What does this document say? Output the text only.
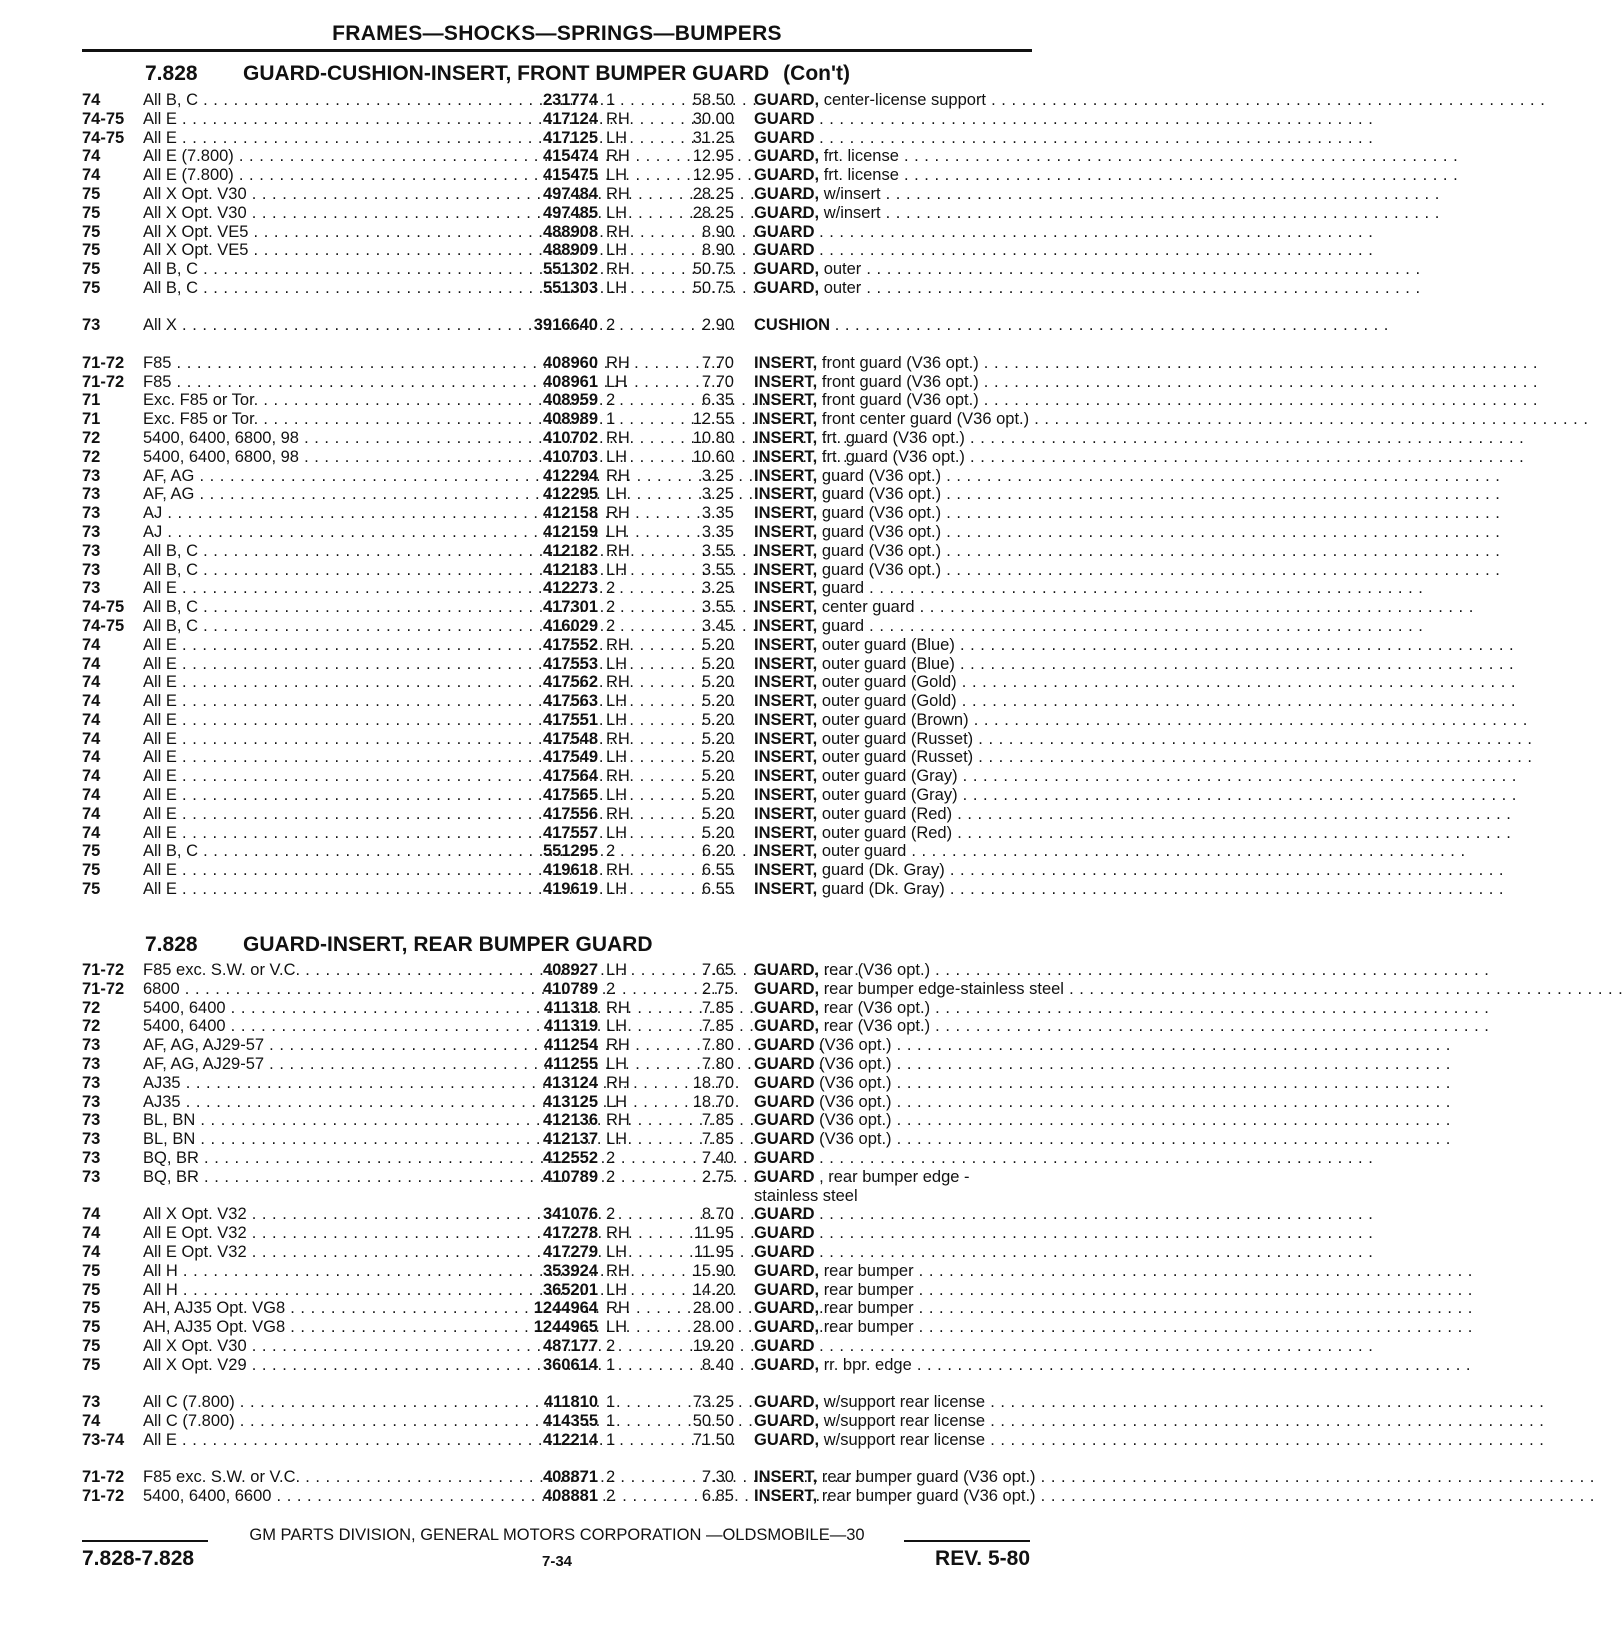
FRAMES—SHOCKS—SPRINGS—BUMPERS
7.828 GUARD-CUSHION-INSERT, FRONT BUMPER GUARD (Con't)
74	All B, C . . .	231774 1	58.50 GUARD, center-license support . . .
74-75	All E . . .	417124 RH	30.00 GUARD . . .
74-75	All E . . .	417125 LH	31.25 GUARD . . .
74	All E (7.800) . . .	415474 RH	12.95 GUARD, frt. license . . .
74	All E (7.800) . . .	415475 LH	12.95 GUARD, frt. license . . .
75	All X Opt. V30 . . .	497484 RH	28.25 GUARD, w/insert . . .
75	All X Opt. V30 . . .	497485 LH	28.25 GUARD, w/insert . . .
75	All X Opt. VE5 . . .	488908 RH	8.90 GUARD . . .
75	All X Opt. VE5 . . .	488909 LH	8.90 GUARD . . .
75	All B, C . . .	551302 RH	50.75 GUARD, outer . . .
75	All B, C . . .	551303 LH	50.75 GUARD, outer . . .
73	All X . . .	3916640 2	2.90 CUSHION . . .
71-72	F85 . . .	408960 RH	7.70 INSERT, front guard (V36 opt.) . . .
71-72	F85 . . .	408961 LH	7.70 INSERT, front guard (V36 opt.) . . .
71	Exc. F85 or Tor. . . .	408959 2	6.35 INSERT, front guard (V36 opt.) . . .
71	Exc. F85 or Tor. . . .	408989 1	12.55 INSERT, front center guard (V36 opt.) . . .
72	5400, 6400, 6800, 98 . . .	410702 RH	10.80 INSERT, frt. guard (V36 opt.) . . .
72	5400, 6400, 6800, 98 . . .	410703 LH	10.60 INSERT, frt. guard (V36 opt.) . . .
73	AF, AG . . .	412294 RH	3.25 INSERT, guard (V36 opt.) . . .
73	AF, AG . . .	412295 LH	3.25 INSERT, guard (V36 opt.) . . .
73	AJ . . .	412158 RH	3.35 INSERT, guard (V36 opt.) . . .
73	AJ . . .	412159 LH	3.35 INSERT, guard (V36 opt.) . . .
73	All B, C . . .	412182 RH	3.55 INSERT, guard (V36 opt.) . . .
73	All B, C . . .	412183 LH	3.55 INSERT, guard (V36 opt.) . . .
73	All E . . .	412273 2	3.25 INSERT, guard . . .
74-75	All B, C . . .	417301 2	3.55 INSERT, center guard . . .
74-75	All B, C . . .	416029 2	3.45 INSERT, guard . . .
74	All E . . .	417552 RH	5.20 INSERT, outer guard (Blue) . . .
74	All E . . .	417553 LH	5.20 INSERT, outer guard (Blue) . . .
74	All E . . .	417562 RH	5.20 INSERT, outer guard (Gold) . . .
74	All E . . .	417563 LH	5.20 INSERT, outer guard (Gold) . . .
74	All E . . .	417551 LH	5.20 INSERT, outer guard (Brown) . . .
74	All E . . .	417548 RH	5.20 INSERT, outer guard (Russet) . . .
74	All E . . .	417549 LH	5.20 INSERT, outer guard (Russet) . . .
74	All E . . .	417564 RH	5.20 INSERT, outer guard (Gray) . . .
74	All E . . .	417565 LH	5.20 INSERT, outer guard (Gray) . . .
74	All E . . .	417556 RH	5.20 INSERT, outer guard (Red) . . .
74	All E . . .	417557 LH	5.20 INSERT, outer guard (Red) . . .
75	All B, C . . .	551295 2	6.20 INSERT, outer guard . . .
75	All E . . .	419618 RH	6.55 INSERT, guard (Dk. Gray) . . .
75	All E . . .	419619 LH	6.55 INSERT, guard (Dk. Gray) . . .
7.828 GUARD-INSERT, REAR BUMPER GUARD
71-72	F85 exc. S.W. or V.C. . . .	408927 LH	7.65 GUARD, rear (V36 opt.) . . .
71-72	6800 . . .	410789 2	2.75 GUARD, rear bumper edge-stainless steel . . .
72	5400, 6400 . . .	411318 RH	7.85 GUARD, rear (V36 opt.) . . .
72	5400, 6400 . . .	411319 LH	7.85 GUARD, rear (V36 opt.) . . .
73	AF, AG, AJ29-57 . . .	411254 RH	7.80 GUARD (V36 opt.) . . .
73	AF, AG, AJ29-57 . . .	411255 LH	7.80 GUARD (V36 opt.) . . .
73	AJ35 . . .	413124 RH	18.70 GUARD (V36 opt.) . . .
73	AJ35 . . .	413125 LH	18.70 GUARD (V36 opt.) . . .
73	BL, BN . . .	412136 RH	7.85 GUARD (V36 opt.) . . .
73	BL, BN . . .	412137 LH	7.85 GUARD (V36 opt.) . . .
73	BQ, BR . . .	412552 2	7.40 GUARD . . .
73	BQ, BR . . .	410789 2	2.75 GUARD , rear bumper edge - stainless steel
74	All X Opt. V32 . . .	341076 2	8.70 GUARD . . .
74	All E Opt. V32 . . .	417278 RH	11.95 GUARD . . .
74	All E Opt. V32 . . .	417279 LH	11.95 GUARD . . .
75	All H . . .	353924 RH	15.90 GUARD, rear bumper . . .
75	All H . . .	365201 LH	14.20 GUARD, rear bumper . . .
75	AH, AJ35 Opt. VG8 . . .	1244964 RH	28.00 GUARD, rear bumper . . .
75	AH, AJ35 Opt. VG8 . . .	1244965 LH	28.00 GUARD, rear bumper . . .
75	All X Opt. V30 . . .	487177 2	19.20 GUARD . . .
75	All X Opt. V29 . . .	360614 1	8.40 GUARD, rr. bpr. edge . . .
73	All C (7.800) . . .	411810 1	73.25 GUARD, w/support rear license . . .
74	All C (7.800) . . .	414355 1	50.50 GUARD, w/support rear license . . .
73-74	All E . . .	412214 1	71.50 GUARD, w/support rear license . . .
71-72	F85 exc. S.W. or V.C. . . .	408871 2	7.30 INSERT, rear bumper guard (V36 opt.) . . .
71-72	5400, 6400, 6600 . . .	408881 2	6.85 INSERT, rear bumper guard (V36 opt.) . . .
GM PARTS DIVISION, GENERAL MOTORS CORPORATION —OLDSMOBILE—30
7.828-7.828	7-34	REV. 5-80
